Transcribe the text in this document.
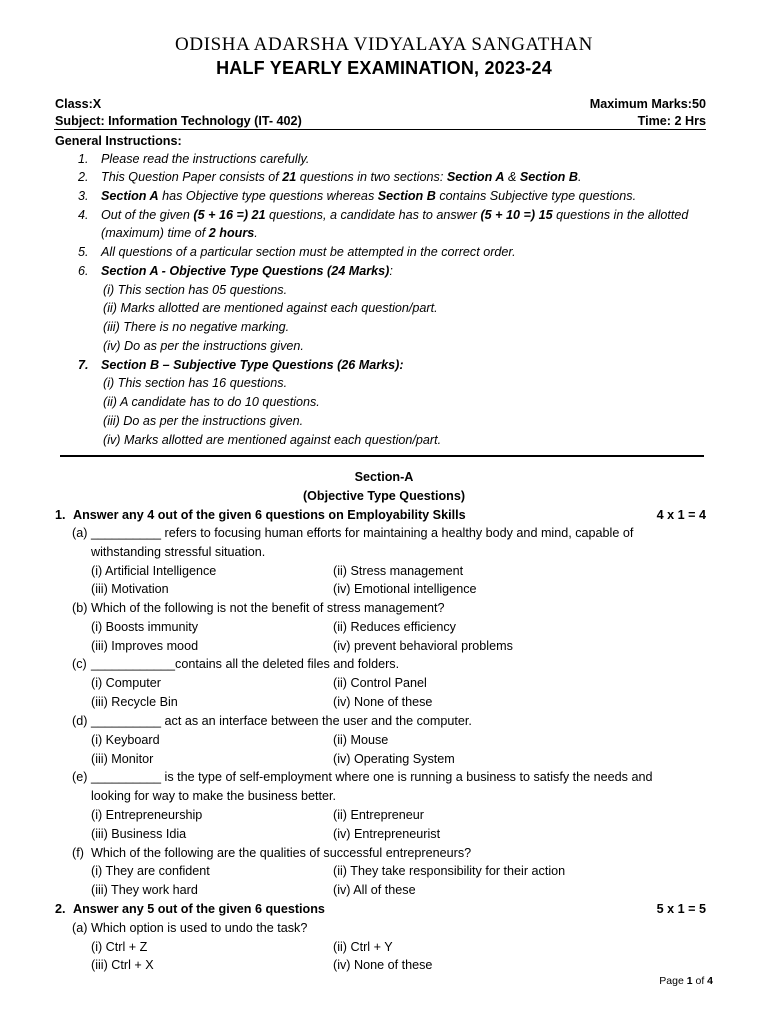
ODISHA ADARSHA VIDYALAYA SANGATHAN
HALF YEARLY EXAMINATION, 2023-24
Class:X	Maximum Marks:50
Subject: Information Technology (IT- 402)	Time: 2 Hrs
General Instructions:
1. Please read the instructions carefully.
2. This Question Paper consists of 21 questions in two sections: Section A & Section B.
3. Section A has Objective type questions whereas Section B contains Subjective type questions.
4. Out of the given (5 + 16 =) 21 questions, a candidate has to answer (5 + 10 =) 15 questions in the allotted
(maximum) time of 2 hours.
5. All questions of a particular section must be attempted in the correct order.
6. Section A - Objective Type Questions (24 Marks):
(i) This section has 05 questions.
(ii) Marks allotted are mentioned against each question/part.
(iii) There is no negative marking.
(iv) Do as per the instructions given.
7. Section B – Subjective Type Questions (26 Marks):
(i) This section has 16 questions.
(ii) A candidate has to do 10 questions.
(iii) Do as per the instructions given.
(iv) Marks allotted are mentioned against each question/part.
Section-A
(Objective Type Questions)
1. Answer any 4 out of the given 6 questions on Employability Skills	4 x 1 = 4
(a) __________ refers to focusing human efforts for maintaining a healthy body and mind, capable of
withstanding stressful situation.
(i) Artificial Intelligence	(ii) Stress management
(iii) Motivation	(iv) Emotional intelligence
(b) Which of the following is not the benefit of stress management?
(i) Boosts immunity	(ii) Reduces efficiency
(iii) Improves mood	(iv) prevent behavioral problems
(c) ____________contains all the deleted files and folders.
(i) Computer	(ii) Control Panel
(iii) Recycle Bin	(iv) None of these
(d) __________ act as an interface between the user and the computer.
(i) Keyboard	(ii) Mouse
(iii) Monitor	(iv) Operating System
(e) __________ is the type of self-employment where one is running a business to satisfy the needs and
looking for way to make the business better.
(i) Entrepreneurship	(ii) Entrepreneur
(iii) Business Idia	(iv) Entrepreneurist
(f) Which of the following are the qualities of successful entrepreneurs?
(i) They are confident	(ii) They take responsibility for their action
(iii) They work hard	(iv) All of these
2. Answer any 5 out of the given 6 questions	5 x 1 = 5
(a) Which option is used to undo the task?
(i) Ctrl + Z	(ii) Ctrl + Y
(iii) Ctrl + X	(iv) None of these
Page 1 of 4
